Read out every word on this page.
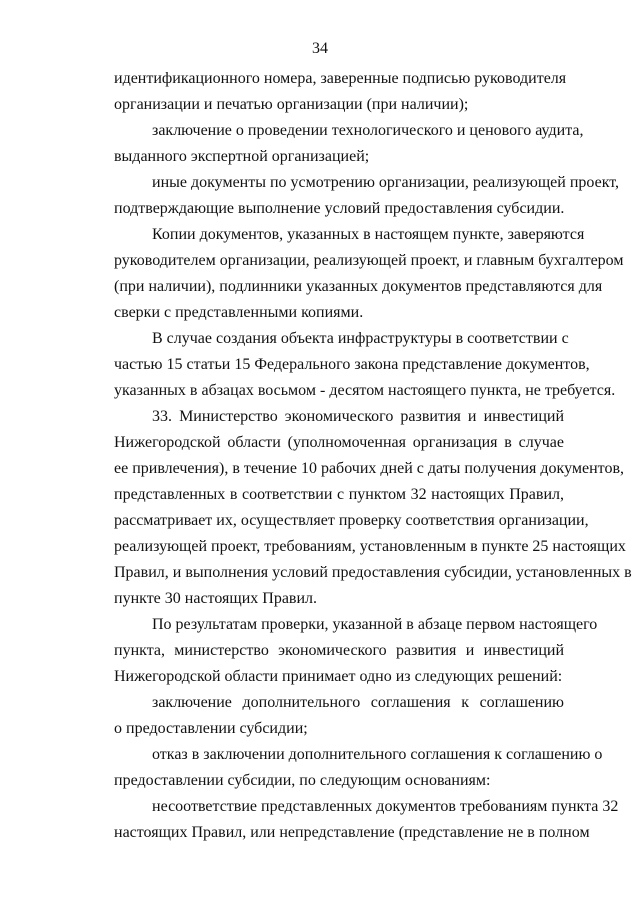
34
идентификационного номера, заверенные подписью руководителя
организации и печатью организации (при наличии);
заключение о проведении технологического и ценового аудита,
выданного экспертной организацией;
иные документы по усмотрению организации, реализующей проект,
подтверждающие выполнение условий предоставления субсидии.
Копии документов, указанных в настоящем пункте, заверяются
руководителем организации, реализующей проект, и главным бухгалтером
(при наличии), подлинники указанных документов представляются для
сверки с представленными копиями.
В случае создания объекта инфраструктуры в соответствии с
частью 15 статьи 15 Федерального закона представление документов,
указанных в абзацах восьмом - десятом настоящего пункта, не требуется.
33. Министерство экономического развития и инвестиций
Нижегородской области (уполномоченная организация в случае
ее привлечения), в течение 10 рабочих дней с даты получения документов,
представленных в соответствии с пунктом 32 настоящих Правил,
рассматривает их, осуществляет проверку соответствия организации,
реализующей проект, требованиям, установленным в пункте 25 настоящих
Правил, и выполнения условий предоставления субсидии, установленных в
пункте 30 настоящих Правил.
По результатам проверки, указанной в абзаце первом настоящего
пункта, министерство экономического развития и инвестиций
Нижегородской области принимает одно из следующих решений:
заключение дополнительного соглашения к соглашению
о предоставлении субсидии;
отказ в заключении дополнительного соглашения к соглашению о
предоставлении субсидии, по следующим основаниям:
несоответствие представленных документов требованиям пункта 32
настоящих Правил, или непредставление (представление не в полном
